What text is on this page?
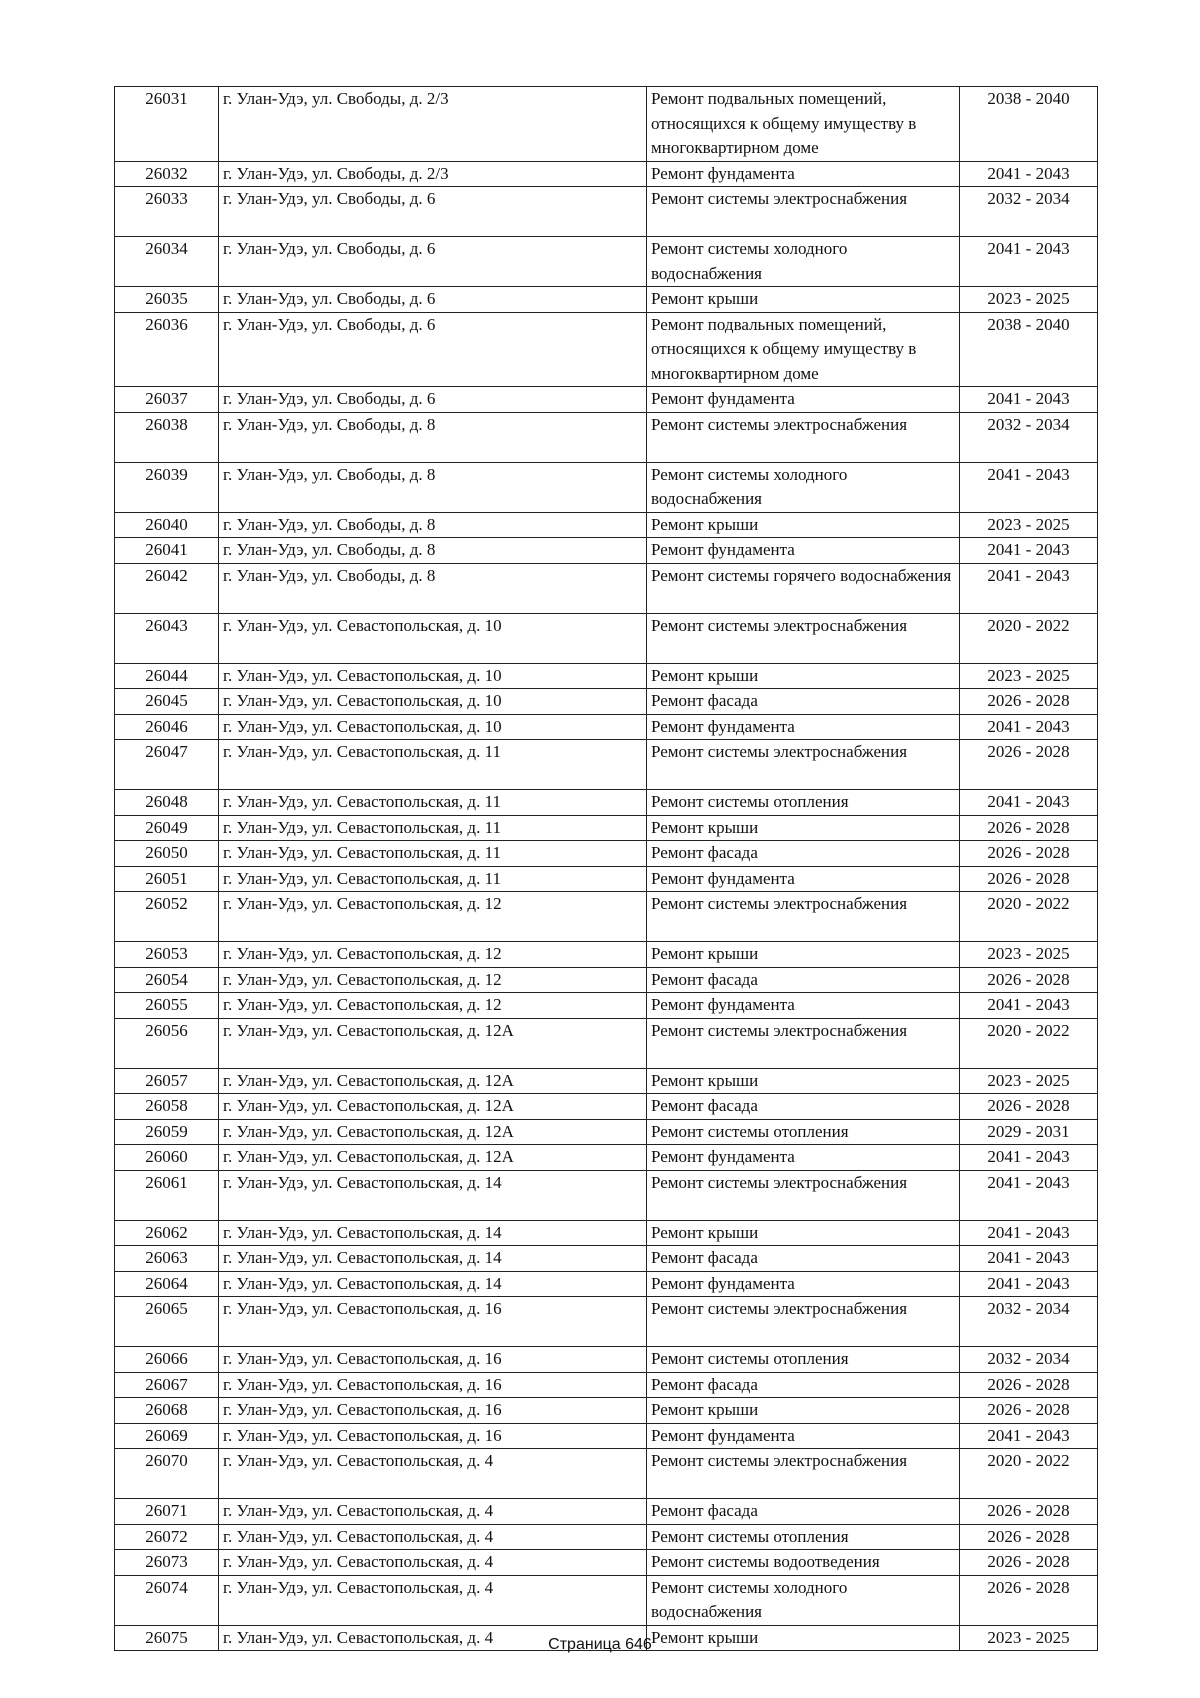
26031	г. Улан-Удэ, ул. Свободы, д. 2/3	Ремонт подвальных помещений, относящихся к общему имуществу в многоквартирном доме	2038 - 2040
26032	г. Улан-Удэ, ул. Свободы, д. 2/3	Ремонт фундамента	2041 - 2043
26033	г. Улан-Удэ, ул. Свободы, д. 6	Ремонт системы электроснабжения	2032 - 2034
26034	г. Улан-Удэ, ул. Свободы, д. 6	Ремонт системы холодного водоснабжения	2041 - 2043
26035	г. Улан-Удэ, ул. Свободы, д. 6	Ремонт крыши	2023 - 2025
26036	г. Улан-Удэ, ул. Свободы, д. 6	Ремонт подвальных помещений, относящихся к общему имуществу в многоквартирном доме	2038 - 2040
26037	г. Улан-Удэ, ул. Свободы, д. 6	Ремонт фундамента	2041 - 2043
26038	г. Улан-Удэ, ул. Свободы, д. 8	Ремонт системы электроснабжения	2032 - 2034
26039	г. Улан-Удэ, ул. Свободы, д. 8	Ремонт системы холодного водоснабжения	2041 - 2043
26040	г. Улан-Удэ, ул. Свободы, д. 8	Ремонт крыши	2023 - 2025
26041	г. Улан-Удэ, ул. Свободы, д. 8	Ремонт фундамента	2041 - 2043
26042	г. Улан-Удэ, ул. Свободы, д. 8	Ремонт системы горячего водоснабжения	2041 - 2043
26043	г. Улан-Удэ, ул. Севастопольская, д. 10	Ремонт системы электроснабжения	2020 - 2022
26044	г. Улан-Удэ, ул. Севастопольская, д. 10	Ремонт крыши	2023 - 2025
26045	г. Улан-Удэ, ул. Севастопольская, д. 10	Ремонт фасада	2026 - 2028
26046	г. Улан-Удэ, ул. Севастопольская, д. 10	Ремонт фундамента	2041 - 2043
26047	г. Улан-Удэ, ул. Севастопольская, д. 11	Ремонт системы электроснабжения	2026 - 2028
26048	г. Улан-Удэ, ул. Севастопольская, д. 11	Ремонт системы отопления	2041 - 2043
26049	г. Улан-Удэ, ул. Севастопольская, д. 11	Ремонт крыши	2026 - 2028
26050	г. Улан-Удэ, ул. Севастопольская, д. 11	Ремонт фасада	2026 - 2028
26051	г. Улан-Удэ, ул. Севастопольская, д. 11	Ремонт фундамента	2026 - 2028
26052	г. Улан-Удэ, ул. Севастопольская, д. 12	Ремонт системы электроснабжения	2020 - 2022
26053	г. Улан-Удэ, ул. Севастопольская, д. 12	Ремонт крыши	2023 - 2025
26054	г. Улан-Удэ, ул. Севастопольская, д. 12	Ремонт фасада	2026 - 2028
26055	г. Улан-Удэ, ул. Севастопольская, д. 12	Ремонт фундамента	2041 - 2043
26056	г. Улан-Удэ, ул. Севастопольская, д. 12А	Ремонт системы электроснабжения	2020 - 2022
26057	г. Улан-Удэ, ул. Севастопольская, д. 12А	Ремонт крыши	2023 - 2025
26058	г. Улан-Удэ, ул. Севастопольская, д. 12А	Ремонт фасада	2026 - 2028
26059	г. Улан-Удэ, ул. Севастопольская, д. 12А	Ремонт системы отопления	2029 - 2031
26060	г. Улан-Удэ, ул. Севастопольская, д. 12А	Ремонт фундамента	2041 - 2043
26061	г. Улан-Удэ, ул. Севастопольская, д. 14	Ремонт системы электроснабжения	2041 - 2043
26062	г. Улан-Удэ, ул. Севастопольская, д. 14	Ремонт крыши	2041 - 2043
26063	г. Улан-Удэ, ул. Севастопольская, д. 14	Ремонт фасада	2041 - 2043
26064	г. Улан-Удэ, ул. Севастопольская, д. 14	Ремонт фундамента	2041 - 2043
26065	г. Улан-Удэ, ул. Севастопольская, д. 16	Ремонт системы электроснабжения	2032 - 2034
26066	г. Улан-Удэ, ул. Севастопольская, д. 16	Ремонт системы отопления	2032 - 2034
26067	г. Улан-Удэ, ул. Севастопольская, д. 16	Ремонт фасада	2026 - 2028
26068	г. Улан-Удэ, ул. Севастопольская, д. 16	Ремонт крыши	2026 - 2028
26069	г. Улан-Удэ, ул. Севастопольская, д. 16	Ремонт фундамента	2041 - 2043
26070	г. Улан-Удэ, ул. Севастопольская, д. 4	Ремонт системы электроснабжения	2020 - 2022
26071	г. Улан-Удэ, ул. Севастопольская, д. 4	Ремонт фасада	2026 - 2028
26072	г. Улан-Удэ, ул. Севастопольская, д. 4	Ремонт системы отопления	2026 - 2028
26073	г. Улан-Удэ, ул. Севастопольская, д. 4	Ремонт системы водоотведения	2026 - 2028
26074	г. Улан-Удэ, ул. Севастопольская, д. 4	Ремонт системы холодного водоснабжения	2026 - 2028
26075	г. Улан-Удэ, ул. Севастопольская, д. 4	Ремонт крыши	2023 - 2025
Страница 646
